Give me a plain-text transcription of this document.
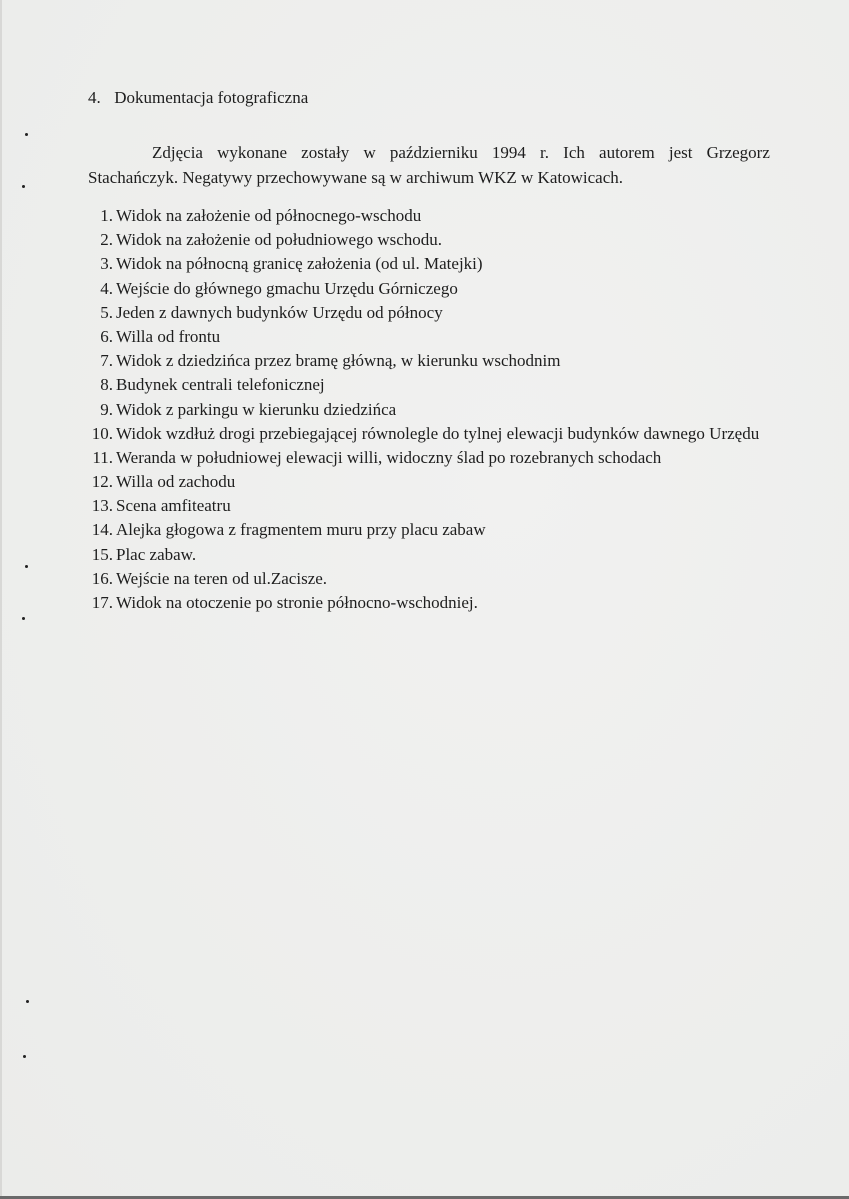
4. Dokumentacja fotograficzna
Zdjęcia wykonane zostały w październiku 1994 r. Ich autorem jest Grzegorz
Stachańczyk. Negatywy przechowywane są w archiwum WKZ w Katowicach.
1. Widok na założenie od północnego-wschodu
2. Widok na założenie od południowego wschodu.
3. Widok na północną granicę założenia (od ul. Matejki)
4. Wejście do głównego gmachu Urzędu Górniczego
5. Jeden z dawnych budynków Urzędu od północy
6. Willa od frontu
7. Widok z dziedzińca przez bramę główną, w kierunku wschodnim
8. Budynek centrali telefonicznej
9. Widok z parkingu w kierunku dziedzińca
10. Widok wzdłuż drogi przebiegającej równolegle do tylnej elewacji budynków dawnego Urzędu
11. Weranda w południowej elewacji willi, widoczny ślad po rozebranych schodach
12. Willa od zachodu
13. Scena amfiteatru
14. Alejka głogowa z fragmentem muru przy placu zabaw
15. Plac zabaw.
16. Wejście na teren od ul.Zacisze.
17. Widok na otoczenie po stronie północno-wschodniej.
